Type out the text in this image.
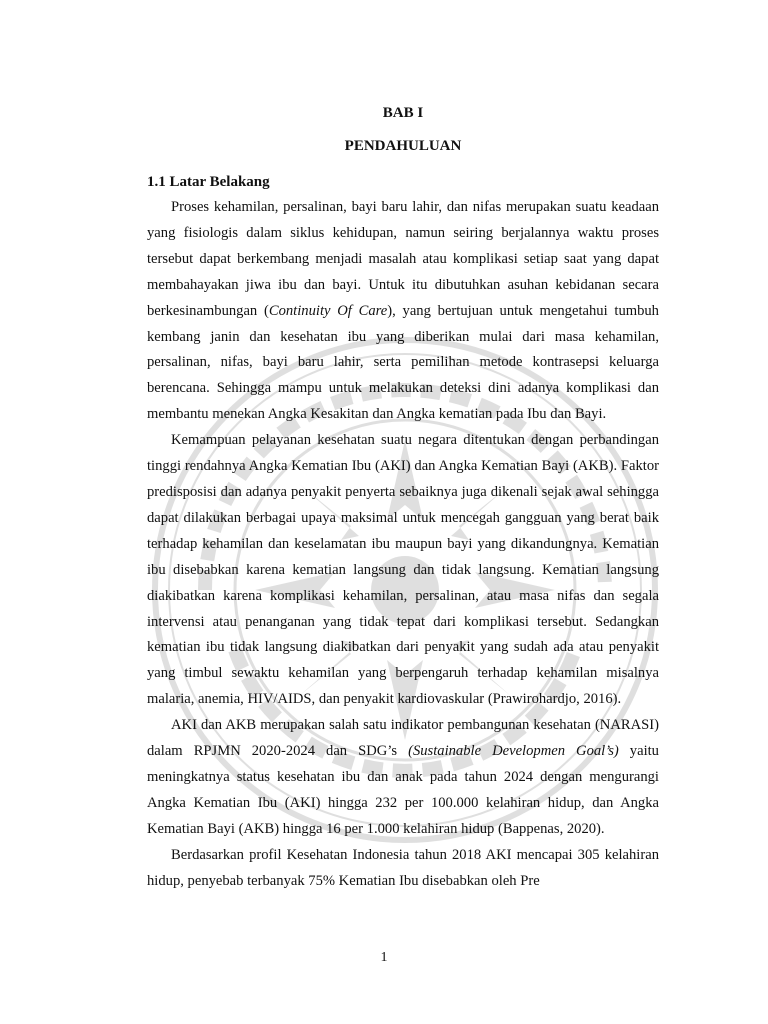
BAB I
PENDAHULUAN
1.1 Latar Belakang

Proses kehamilan, persalinan, bayi baru lahir, dan nifas merupakan suatu keadaan yang fisiologis dalam siklus kehidupan, namun seiring berjalannya waktu proses tersebut dapat berkembang menjadi masalah atau komplikasi setiap saat yang dapat membahayakan jiwa ibu dan bayi. Untuk itu dibutuhkan asuhan kebidanan secara berkesinambungan (Continuity Of Care), yang bertujuan untuk mengetahui tumbuh kembang janin dan kesehatan ibu yang diberikan mulai dari masa kehamilan, persalinan, nifas, bayi baru lahir, serta pemilihan metode kontrasepsi keluarga berencana. Sehingga mampu untuk melakukan deteksi dini adanya komplikasi dan membantu menekan Angka Kesakitan dan Angka kematian pada Ibu dan Bayi.

Kemampuan pelayanan kesehatan suatu negara ditentukan dengan perbandingan tinggi rendahnya Angka Kematian Ibu (AKI) dan Angka Kematian Bayi (AKB). Faktor predisposisi dan adanya penyakit penyerta sebaiknya juga dikenali sejak awal sehingga dapat dilakukan berbagai upaya maksimal untuk mencegah gangguan yang berat baik terhadap kehamilan dan keselamatan ibu maupun bayi yang dikandungnya. Kematian ibu disebabkan karena kematian langsung dan tidak langsung. Kematian langsung diakibatkan karena komplikasi kehamilan, persalinan, atau masa nifas dan segala intervensi atau penanganan yang tidak tepat dari komplikasi tersebut. Sedangkan kematian ibu tidak langsung diakibatkan dari penyakit yang sudah ada atau penyakit yang timbul sewaktu kehamilan yang berpengaruh terhadap kehamilan misalnya malaria, anemia, HIV/AIDS, dan penyakit kardiovaskular (Prawirohardjo, 2016).

AKI dan AKB merupakan salah satu indikator pembangunan kesehatan (NARASI) dalam RPJMN 2020-2024 dan SDG’s (Sustainable Developmen Goal’s) yaitu meningkatnya status kesehatan ibu dan anak pada tahun 2024 dengan mengurangi Angka Kematian Ibu (AKI) hingga 232 per 100.000 kelahiran hidup, dan Angka Kematian Bayi (AKB) hingga 16 per 1.000 kelahiran hidup (Bappenas, 2020).

Berdasarkan profil Kesehatan Indonesia tahun 2018 AKI mencapai 305 kelahiran hidup, penyebab terbanyak 75% Kematian Ibu disebabkan oleh Pre

1
